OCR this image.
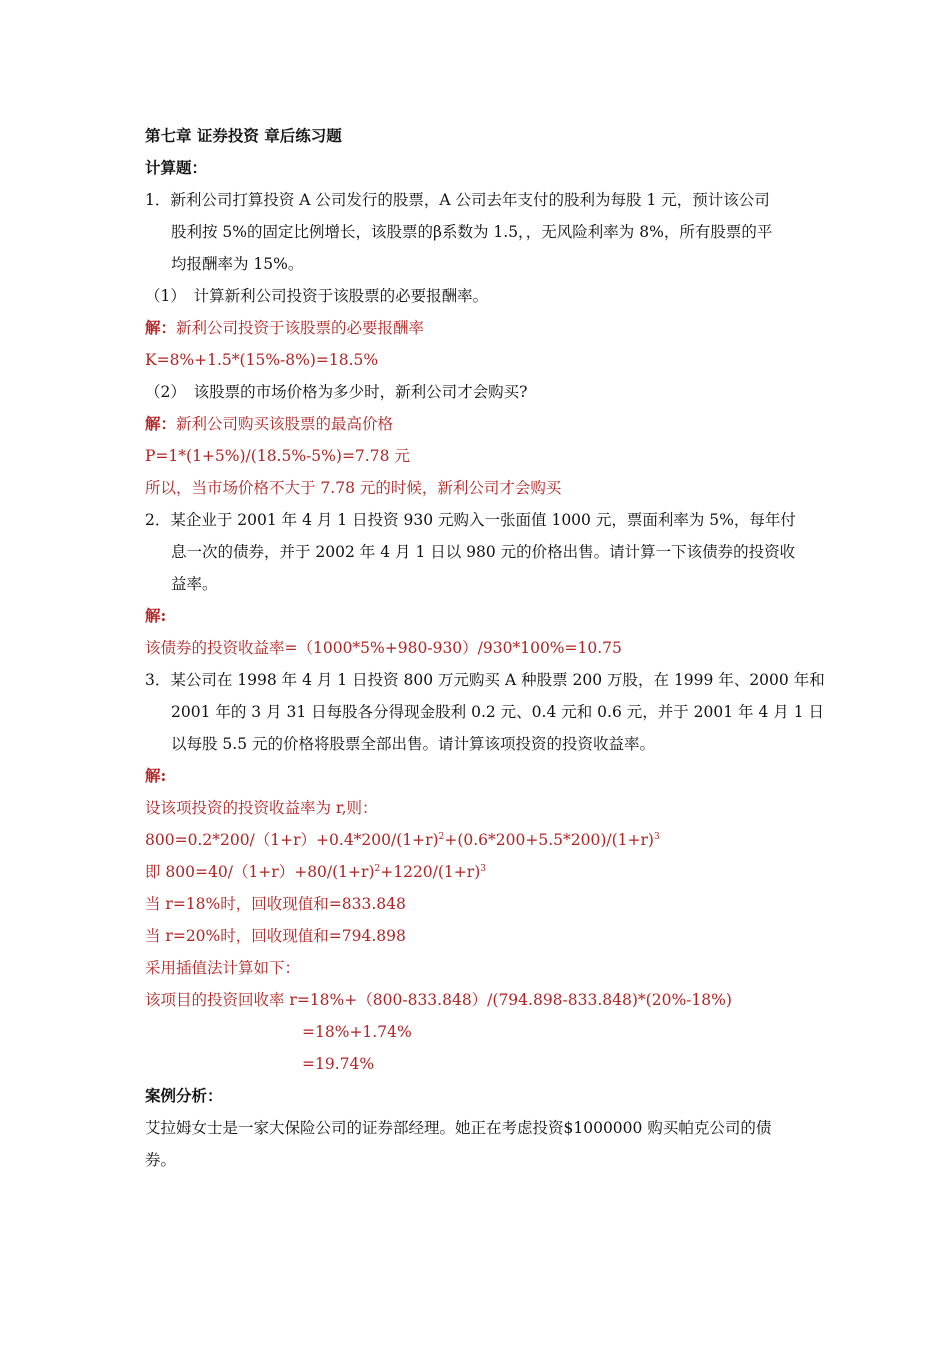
第七章 证券投资 章后练习题
计算题：
1．新利公司打算投资 A 公司发行的股票，A 公司去年支付的股利为每股 1 元，预计该公司
股利按 5%的固定比例增长，该股票的β系数为 1.5，，无风险利率为 8%，所有股票的平
均报酬率为 15%。
（1）　计算新利公司投资于该股票的必要报酬率。
解：新利公司投资于该股票的必要报酬率
K=8%+1.5*(15%-8%)=18.5%
（2）　该股票的市场价格为多少时，新利公司才会购买?
解：新利公司购买该股票的最高价格
P=1*(1+5%)/(18.5%-5%)=7.78 元
所以，当市场价格不大于 7.78 元的时候，新利公司才会购买
2．某企业于 2001 年 4 月 1 日投资 930 元购入一张面值 1000 元，票面利率为 5%，每年付
息一次的债券，并于 2002 年 4 月 1 日以 980 元的价格出售。请计算一下该债券的投资收
益率。
解:
该债券的投资收益率=（1000*5%+980-930）/930*100%=10.75
3．某公司在 1998 年 4 月 1 日投资 800 万元购买 A 种股票 200 万股，在 1999 年、2000 年和
2001 年的 3 月 31 日每股各分得现金股利 0.2 元、0.4 元和 0.6 元，并于 2001 年 4 月 1 日
以每股 5.5 元的价格将股票全部出售。请计算该项投资的投资收益率。
解:
设该项投资的投资收益率为 r,则：
$800=0.2*200/(1+r)+0.4*200/(1+r)^2+(0.6*200+5.5*200)/(1+r)^3$
即 $800=40/(1+r)+80/(1+r)^2+1220/(1+r)^3$
当 r=18%时，回收现值和=833.848
当 r=20%时，回收现值和=794.898
采用插值法计算如下：
该项目的投资回收率 r=18%+（800-833.848）/(794.898-833.848)*(20%-18%)
=18%+1.74%
=19.74%
案例分析：
艾拉姆女士是一家大保险公司的证券部经理。她正在考虑投资$1000000 购买帕克公司的债
券。
